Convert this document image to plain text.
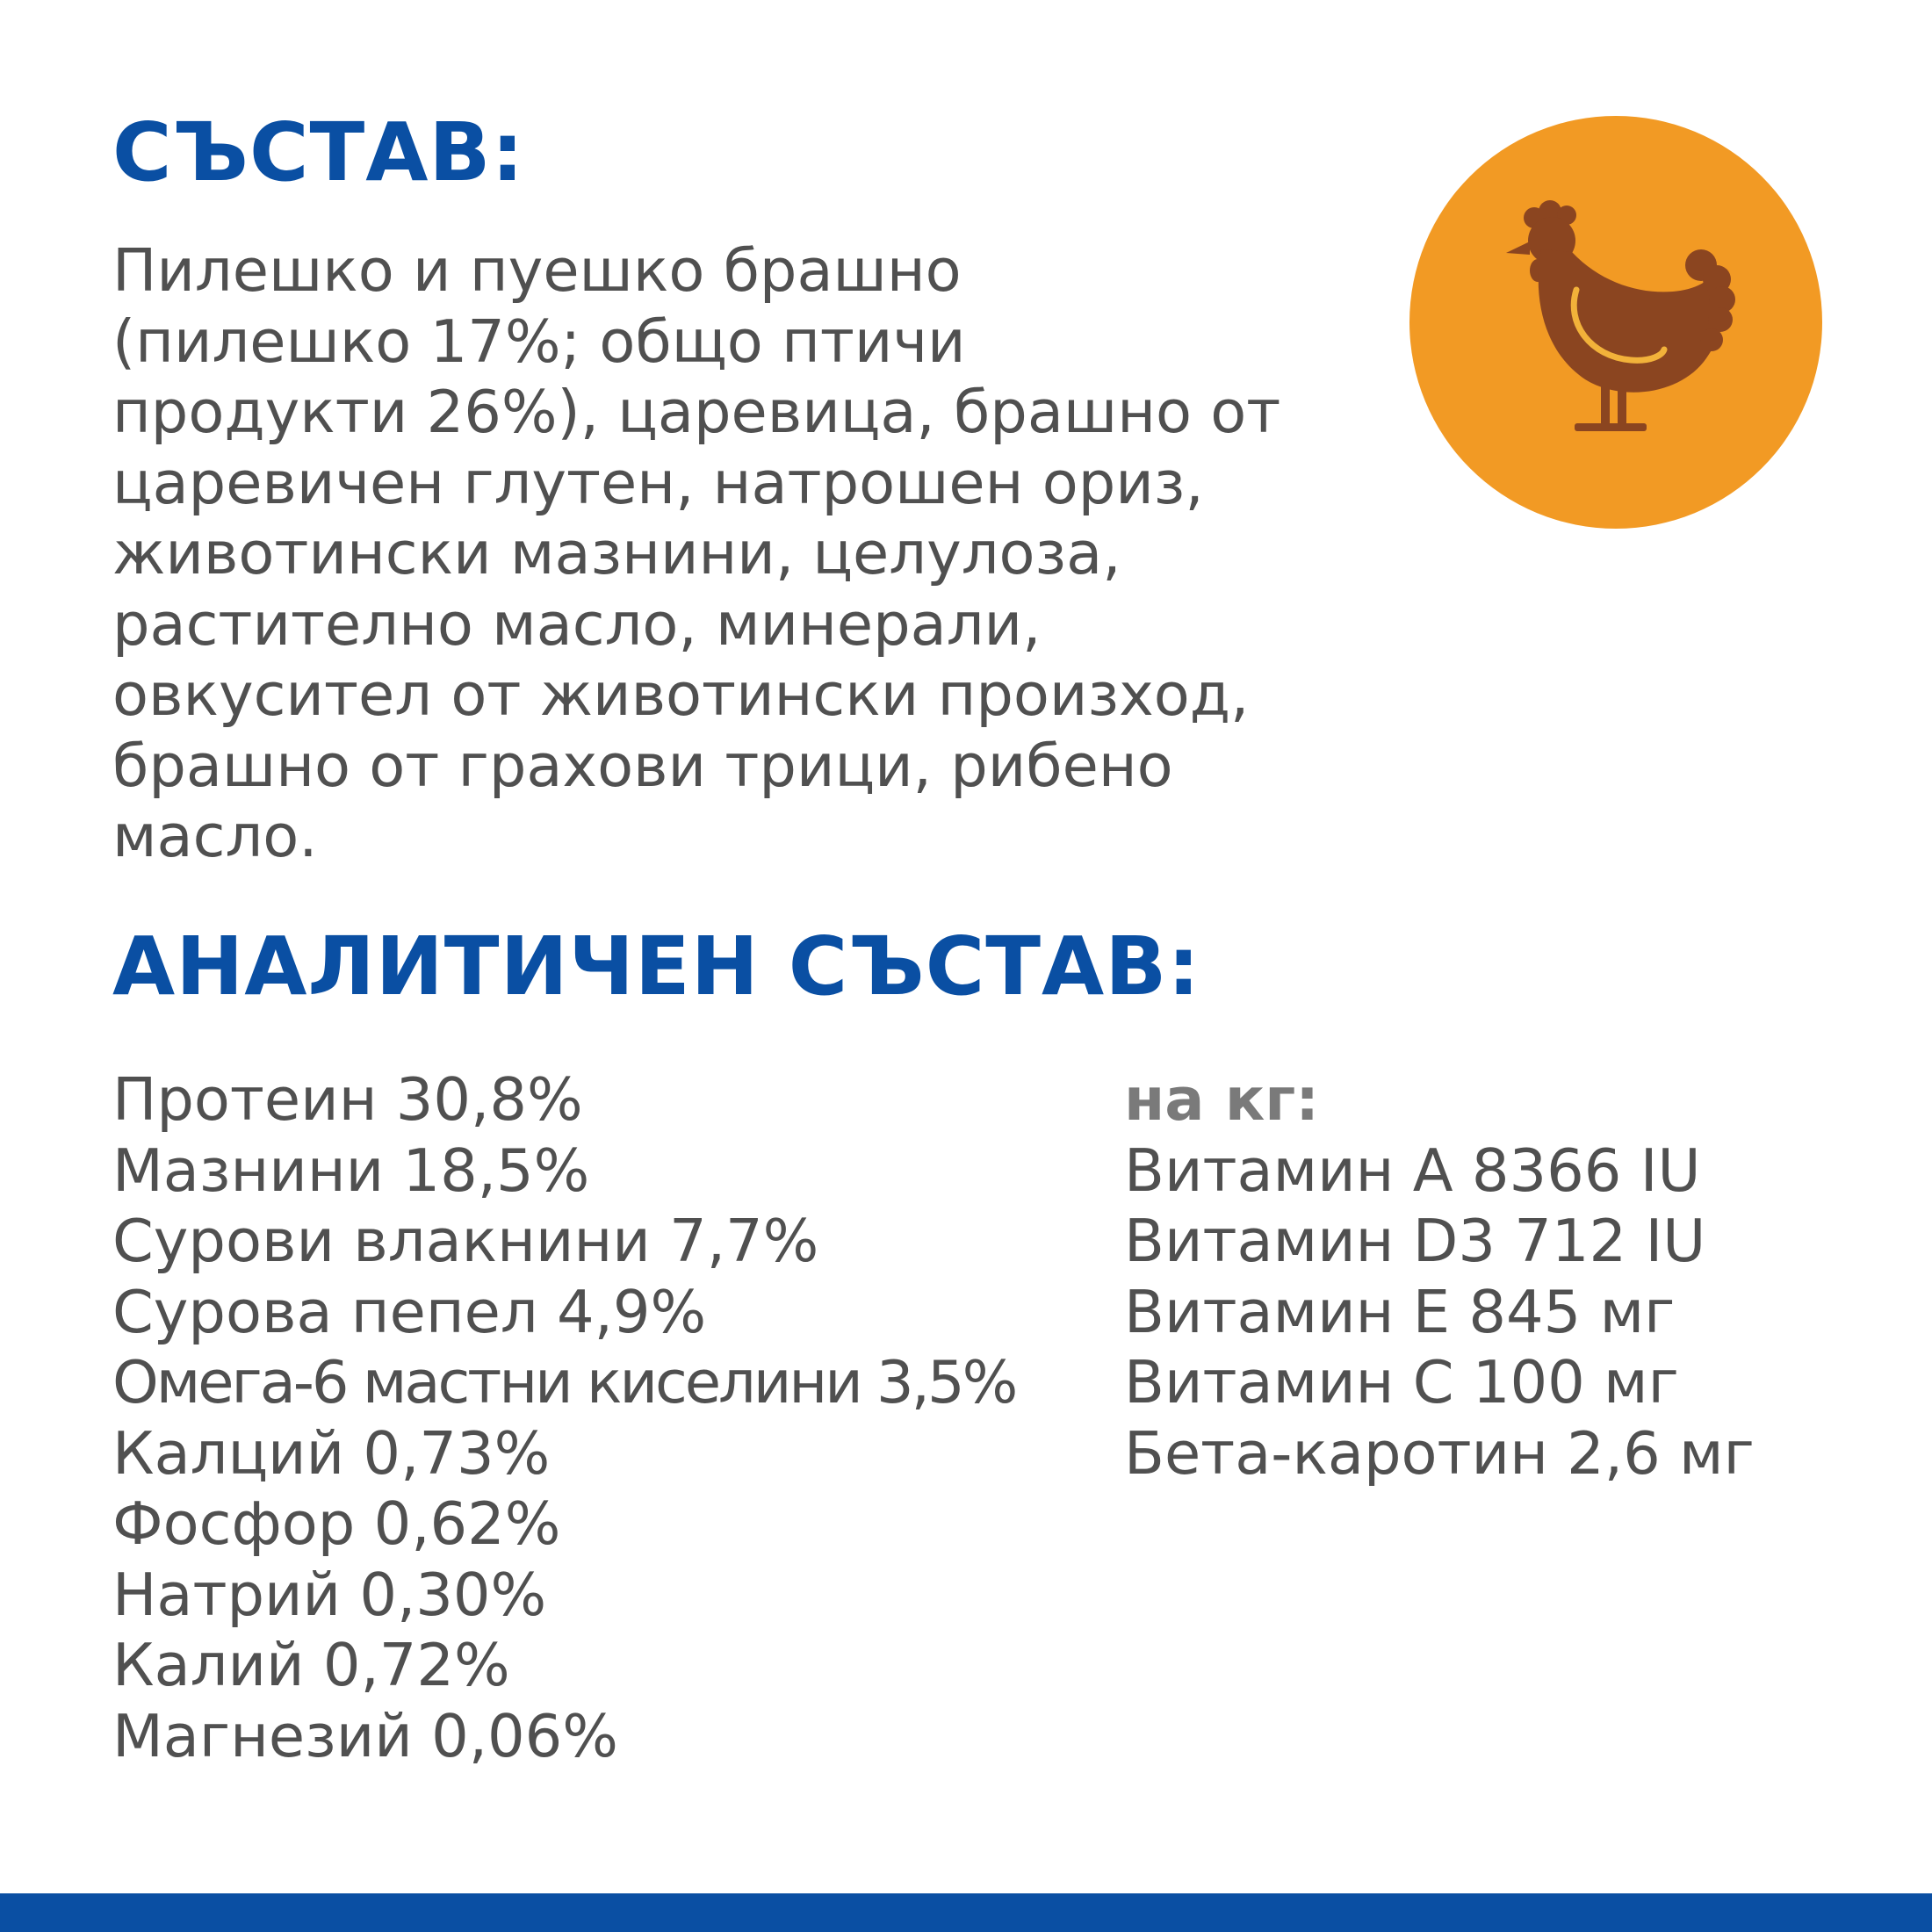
СЪСТАВ:
Пилешко и пуешко брашно
(пилешко 17%; общо птичи
продукти 26%), царевица, брашно от
царевичен глутен, натрошен ориз,
животински мазнини, целулоза,
растително масло, минерали,
овкусител от животински произход,
брашно от грахови трици, рибено
масло.
АНАЛИТИЧЕН СЪСТАВ:
Протеин 30,8%
Мазнини 18,5%
Сурови влакнини 7,7%
Сурова пепел 4,9%
Омега-6 мастни киселини 3,5%
Калций 0,73%
Фосфор 0,62%
Натрий 0,30%
Калий 0,72%
Магнезий 0,06%
на кг:
Витамин А 8366 IU
Витамин D3 712 IU
Витамин Е 845 мг
Витамин С 100 мг
Бета-каротин 2,6 мг
